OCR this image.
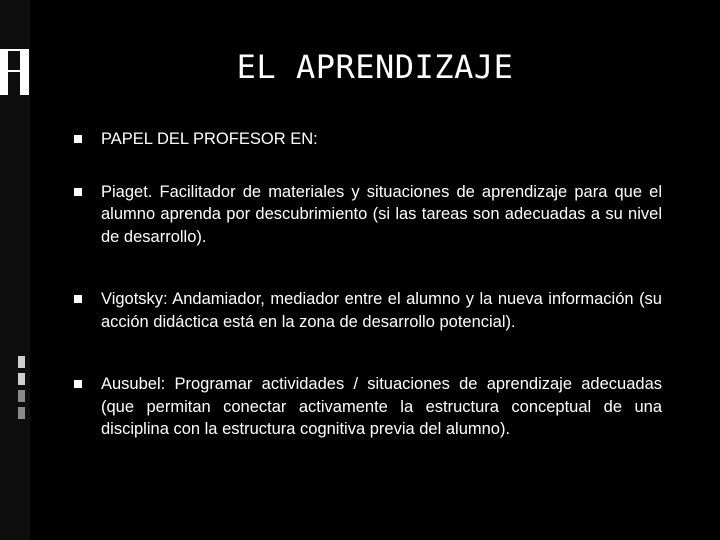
EL APRENDIZAJE
PAPEL DEL PROFESOR EN:
Piaget. Facilitador de materiales y situaciones de aprendizaje para que el alumno aprenda por descubrimiento (si las tareas son adecuadas a su nivel de desarrollo).
Vigotsky: Andamiador, mediador entre el alumno y la nueva información (su acción didáctica está en la zona de desarrollo potencial).
Ausubel: Programar actividades / situaciones de aprendizaje adecuadas (que permitan conectar activamente la estructura conceptual de una disciplina con la estructura cognitiva previa del alumno).
